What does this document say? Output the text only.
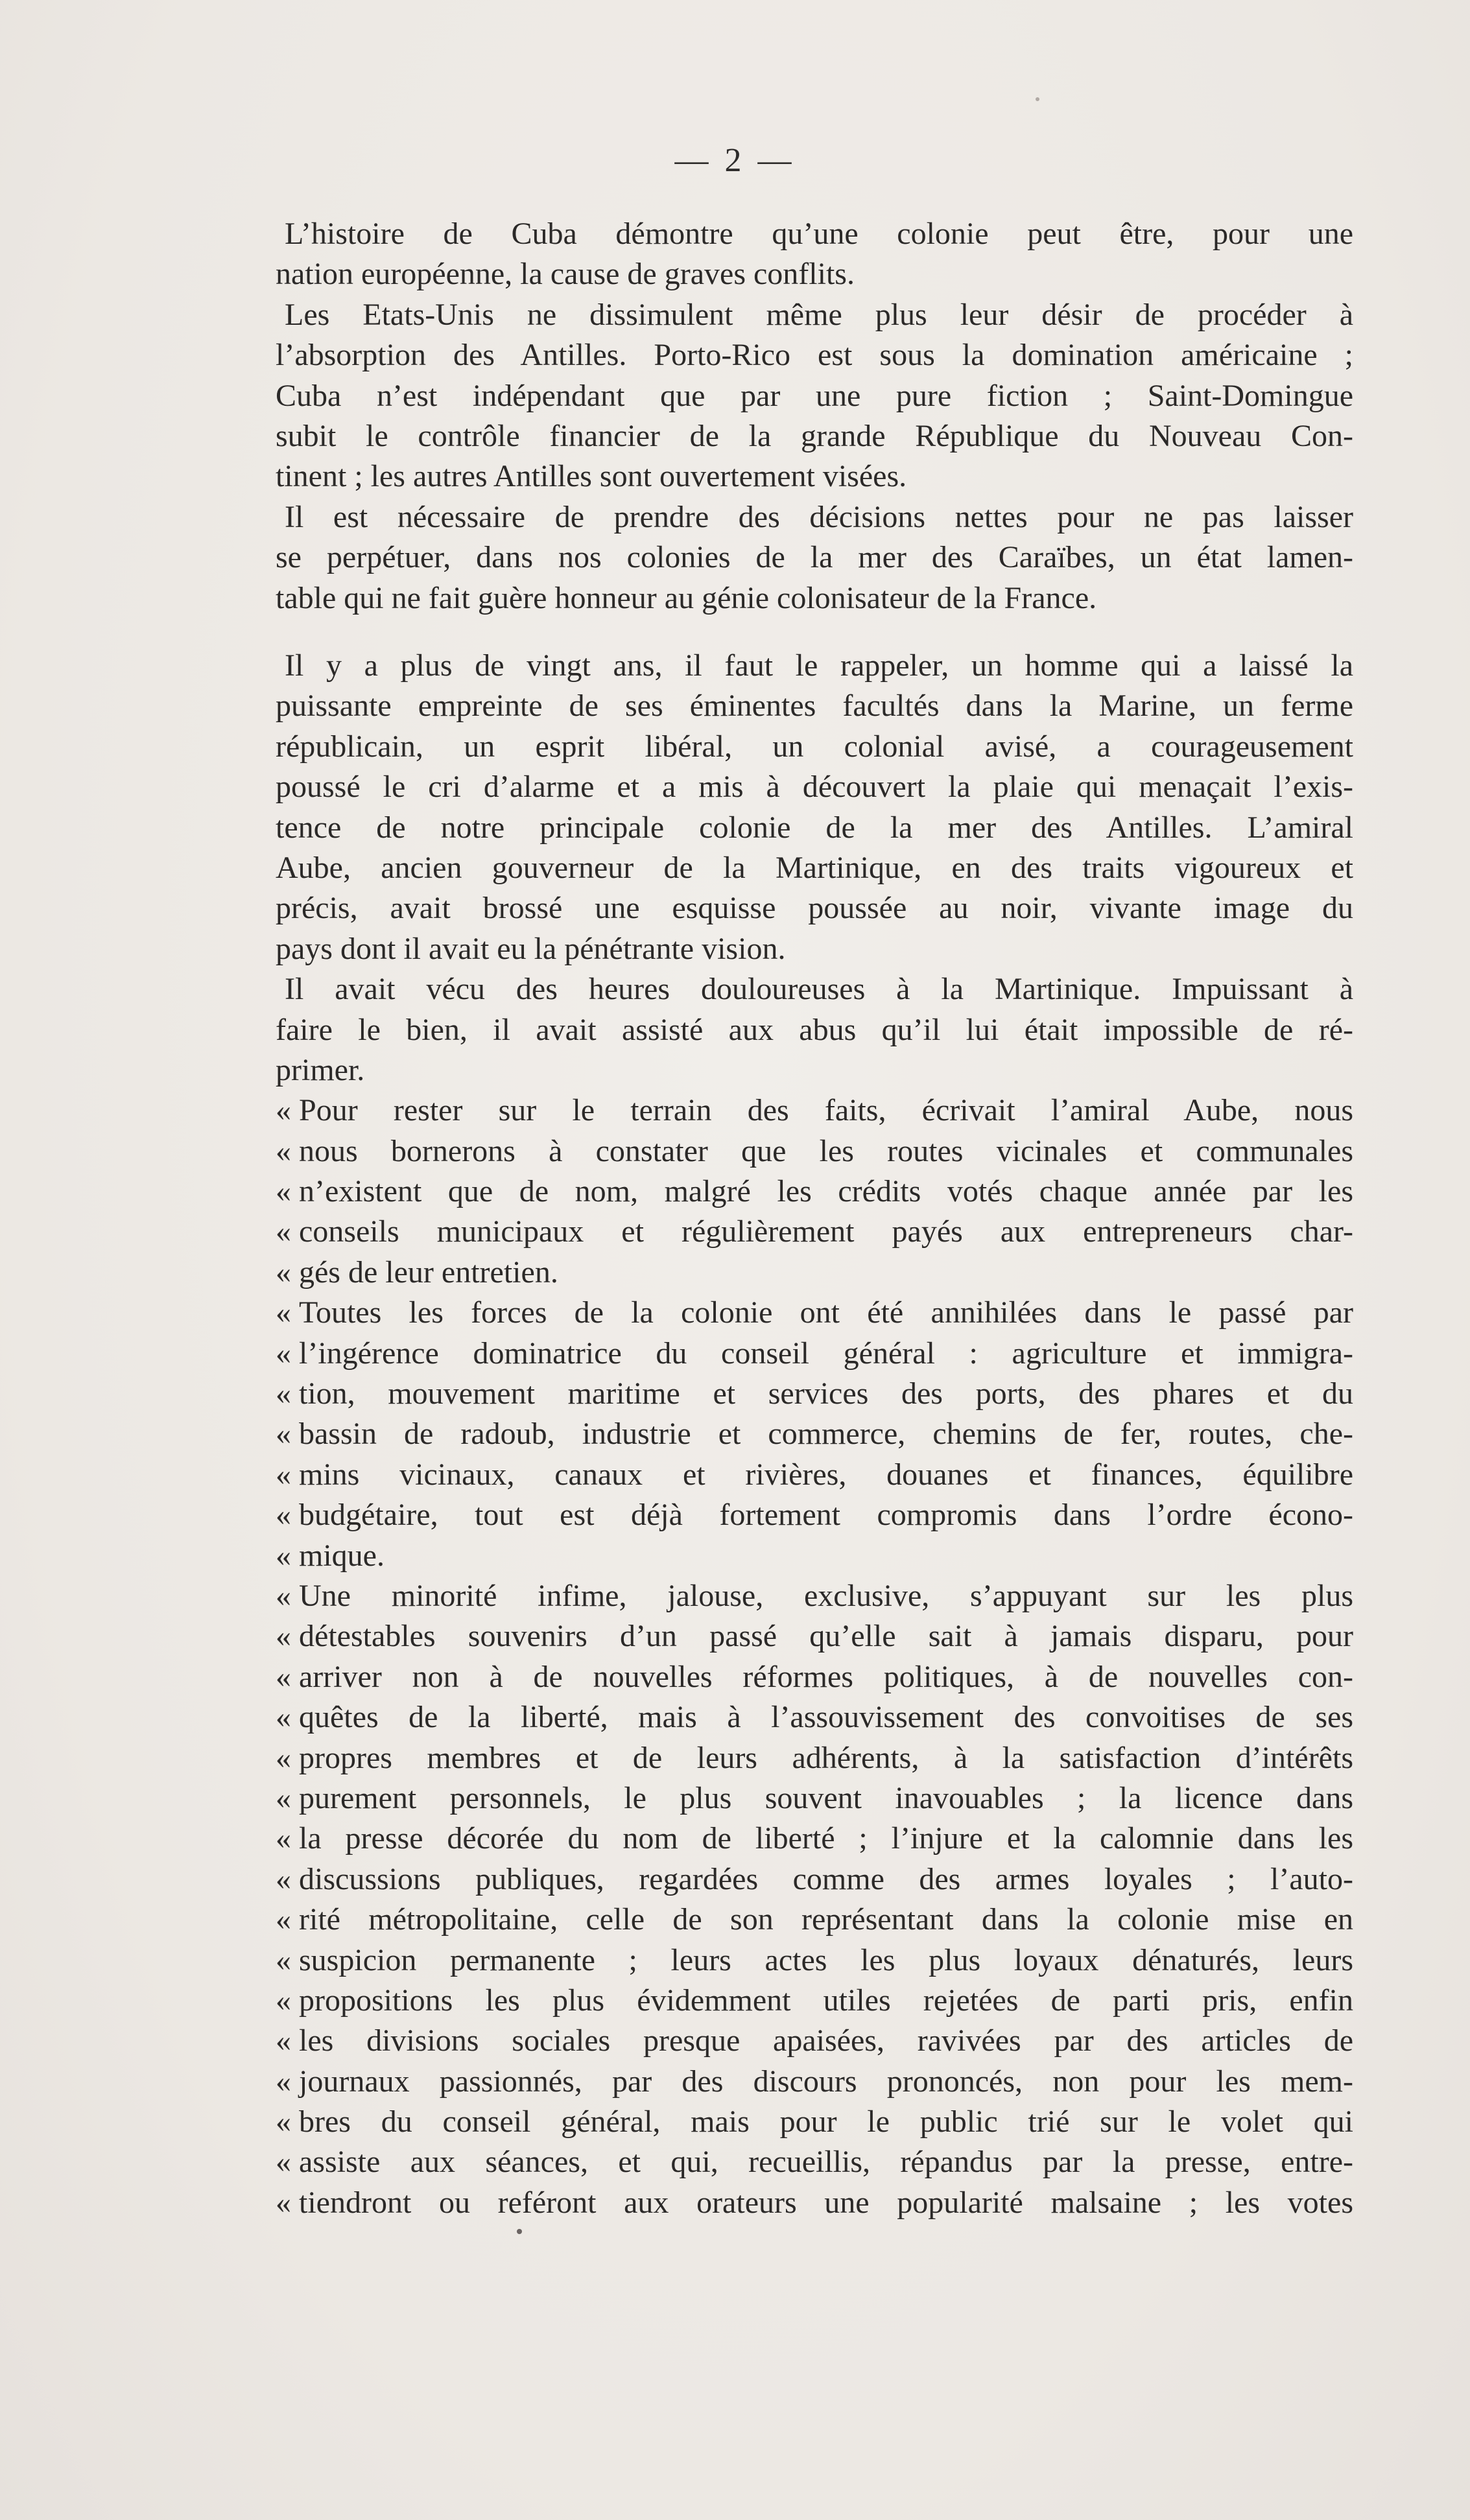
— 2 —
L’histoire de Cuba démontre qu’une colonie peut être, pour une
nation européenne, la cause de graves conflits.
Les Etats-Unis ne dissimulent même plus leur désir de procéder à
l’absorption des Antilles. Porto-Rico est sous la domination américaine ;
Cuba n’est indépendant que par une pure fiction ; Saint-Domingue
subit le contrôle financier de la grande République du Nouveau Con-
tinent ; les autres Antilles sont ouvertement visées.
Il est nécessaire de prendre des décisions nettes pour ne pas laisser
se perpétuer, dans nos colonies de la mer des Caraïbes, un état lamen-
table qui ne fait guère honneur au génie colonisateur de la France.
Il y a plus de vingt ans, il faut le rappeler, un homme qui a laissé la
puissante empreinte de ses éminentes facultés dans la Marine, un ferme
républicain, un esprit libéral, un colonial avisé, a courageusement
poussé le cri d’alarme et a mis à découvert la plaie qui menaçait l’exis-
tence de notre principale colonie de la mer des Antilles. L’amiral
Aube, ancien gouverneur de la Martinique, en des traits vigoureux et
précis, avait brossé une esquisse poussée au noir, vivante image du
pays dont il avait eu la pénétrante vision.
Il avait vécu des heures douloureuses à la Martinique. Impuissant à
faire le bien, il avait assisté aux abus qu’il lui était impossible de ré-
primer.
« Pour rester sur le terrain des faits, écrivait l’amiral Aube, nous
« nous bornerons à constater que les routes vicinales et communales
« n’existent que de nom, malgré les crédits votés chaque année par les
« conseils municipaux et régulièrement payés aux entrepreneurs char-
« gés de leur entretien.
« Toutes les forces de la colonie ont été annihilées dans le passé par
« l’ingérence dominatrice du conseil général : agriculture et immigra-
« tion, mouvement maritime et services des ports, des phares et du
« bassin de radoub, industrie et commerce, chemins de fer, routes, che-
« mins vicinaux, canaux et rivières, douanes et finances, équilibre
« budgétaire, tout est déjà fortement compromis dans l’ordre écono-
« mique.
« Une minorité infime, jalouse, exclusive, s’appuyant sur les plus
« détestables souvenirs d’un passé qu’elle sait à jamais disparu, pour
« arriver non à de nouvelles réformes politiques, à de nouvelles con-
« quêtes de la liberté, mais à l’assouvissement des convoitises de ses
« propres membres et de leurs adhérents, à la satisfaction d’intérêts
« purement personnels, le plus souvent inavouables ; la licence dans
« la presse décorée du nom de liberté ; l’injure et la calomnie dans les
« discussions publiques, regardées comme des armes loyales ; l’auto-
« rité métropolitaine, celle de son représentant dans la colonie mise en
« suspicion permanente ; leurs actes les plus loyaux dénaturés, leurs
« propositions les plus évidemment utiles rejetées de parti pris, enfin
« les divisions sociales presque apaisées, ravivées par des articles de
« journaux passionnés, par des discours prononcés, non pour les mem-
« bres du conseil général, mais pour le public trié sur le volet qui
« assiste aux séances, et qui, recueillis, répandus par la presse, entre-
« tiendront ou reféront aux orateurs une popularité malsaine ; les votes
